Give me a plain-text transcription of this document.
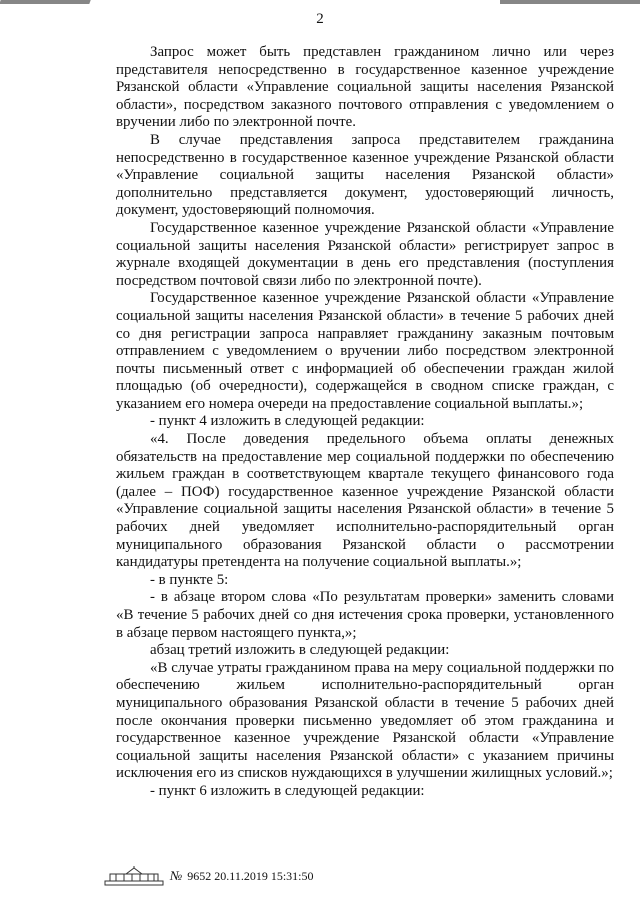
2

Запрос может быть представлен гражданином лично или через представителя непосредственно в государственное казенное учреждение Рязанской области «Управление социальной защиты населения Рязанской области», посредством заказного почтового отправления с уведомлением о вручении либо по электронной почте.

В случае представления запроса представителем гражданина непосредственно в государственное казенное учреждение Рязанской области «Управление социальной защиты населения Рязанской области» дополнительно представляется документ, удостоверяющий личность, документ, удостоверяющий полномочия.

Государственное казенное учреждение Рязанской области «Управление социальной защиты населения Рязанской области» регистрирует запрос в журнале входящей документации в день его представления (поступления посредством почтовой связи либо по электронной почте).

Государственное казенное учреждение Рязанской области «Управление социальной защиты населения Рязанской области» в течение 5 рабочих дней со дня регистрации запроса направляет гражданину заказным почтовым отправлением с уведомлением о вручении либо посредством электронной почты письменный ответ с информацией об обеспечении граждан жилой площадью (об очередности), содержащейся в сводном списке граждан, с указанием его номера очереди на предоставление социальной выплаты.»;

- пункт 4 изложить в следующей редакции:

«4. После доведения предельного объема оплаты денежных обязательств на предоставление мер социальной поддержки по обеспечению жильем граждан в соответствующем квартале текущего финансового года (далее – ПОФ) государственное казенное учреждение Рязанской области «Управление социальной защиты населения Рязанской области» в течение 5 рабочих дней уведомляет исполнительно-распорядительный орган муниципального образования Рязанской области о рассмотрении кандидатуры претендента на получение социальной выплаты.»;

- в пункте 5:

- в абзаце втором слова «По результатам проверки» заменить словами «В течение 5 рабочих дней со дня истечения срока проверки, установленного в абзаце первом настоящего пункта,»;

абзац третий изложить в следующей редакции:

«В случае утраты гражданином права на меру социальной поддержки по обеспечению жильем исполнительно-распорядительный орган муниципального образования Рязанской области в течение 5 рабочих дней после окончания проверки письменно уведомляет об этом гражданина и государственное казенное учреждение Рязанской области «Управление социальной защиты населения Рязанской области» с указанием причины исключения его из списков нуждающихся в улучшении жилищных условий.»;

- пункт 6 изложить в следующей редакции:

№ 9652 20.11.2019 15:31:50
